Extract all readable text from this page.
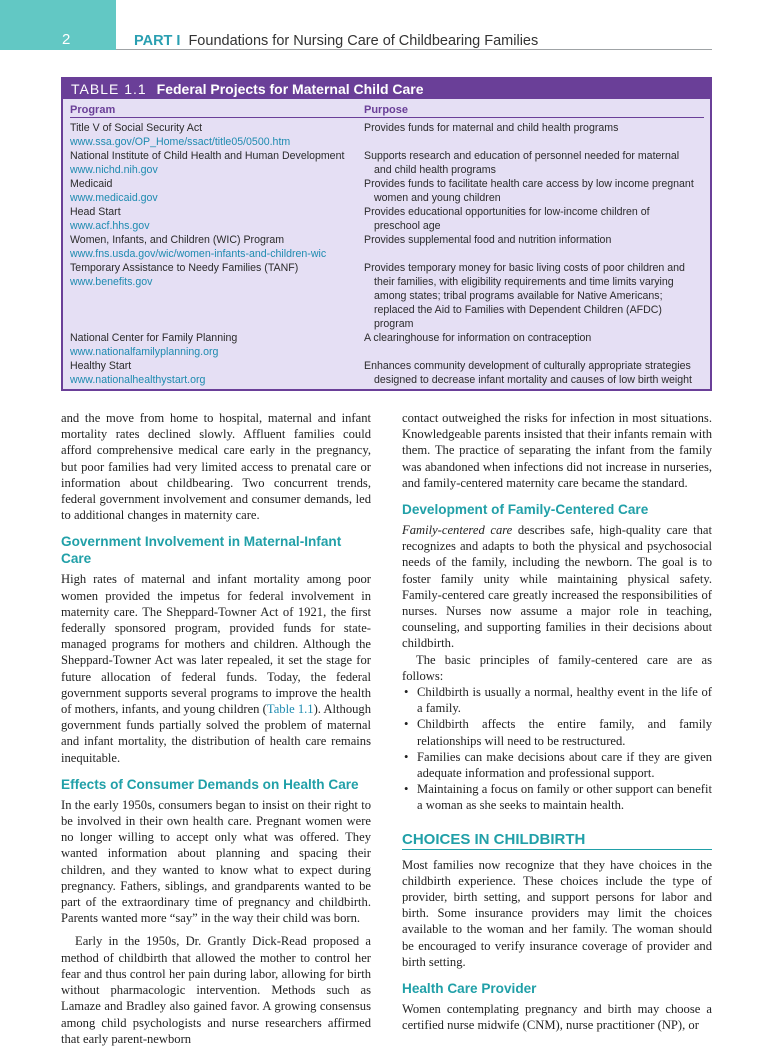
2	PART I Foundations for Nursing Care of Childbearing Families
TABLE 1.1 Federal Projects for Maternal Child Care
Program	Purpose
Title V of Social Security Act
www.ssa.gov/OP_Home/ssact/title05/0500.htm
Provides funds for maternal and child health programs
National Institute of Child Health and Human Development
www.nichd.nih.gov
Supports research and education of personnel needed for maternal
and child health programs
Medicaid
www.medicaid.gov
Provides funds to facilitate health care access by low income pregnant
women and young children
Head Start
www.acf.hhs.gov
Provides educational opportunities for low-income children of
preschool age
Women, Infants, and Children (WIC) Program
www.fns.usda.gov/wic/women-infants-and-children-wic
Provides supplemental food and nutrition information
Temporary Assistance to Needy Families (TANF)
www.benefits.gov
Provides temporary money for basic living costs of poor children and
their families, with eligibility requirements and time limits varying
among states; tribal programs available for Native Americans;
replaced the Aid to Families with Dependent Children (AFDC)
program
National Center for Family Planning
www.nationalfamilyplanning.org
A clearinghouse for information on contraception
Healthy Start
www.nationalhealthystart.org
Enhances community development of culturally appropriate strategies
designed to decrease infant mortality and causes of low birth weight

and the move from home to hospital, maternal and infant mortality rates declined slowly. Affluent families could afford comprehensive medical care early in the pregnancy, but poor families had very limited access to prenatal care or information about childbearing. Two concurrent trends, federal government involvement and consumer demands, led to additional changes in maternity care.

Government Involvement in Maternal-Infant Care

High rates of maternal and infant mortality among poor women provided the impetus for federal involvement in maternity care. The Sheppard-Towner Act of 1921, the first federally sponsored program, provided funds for state-managed programs for mothers and children. Although the Sheppard-Towner Act was later repealed, it set the stage for future allocation of federal funds. Today, the federal government supports several programs to improve the health of mothers, infants, and young children (Table 1.1). Although government funds partially solved the problem of maternal and infant mortality, the distribution of health care remains inequitable.

Effects of Consumer Demands on Health Care

In the early 1950s, consumers began to insist on their right to be involved in their own health care. Pregnant women were no longer willing to accept only what was offered. They wanted information about planning and spacing their children, and they wanted to know what to expect during pregnancy. Fathers, siblings, and grandparents wanted to be part of the extraordinary time of pregnancy and childbirth. Parents wanted more “say” in the way their child was born.

Early in the 1950s, Dr. Grantly Dick-Read proposed a method of childbirth that allowed the mother to control her fear and thus control her pain during labor, allowing for birth without pharmacologic intervention. Methods such as Lamaze and Bradley also gained favor. A growing consensus among child psychologists and nurse researchers affirmed that early parent-newborn

contact outweighed the risks for infection in most situations. Knowledgeable parents insisted that their infants remain with them. The practice of separating the infant from the family was abandoned when infections did not increase in nurseries, and family-centered maternity care became the standard.

Development of Family-Centered Care

Family-centered care describes safe, high-quality care that recognizes and adapts to both the physical and psychosocial needs of the family, including the newborn. The goal is to foster family unity while maintaining physical safety. Family-centered care greatly increased the responsibilities of nurses. Nurses now assume a major role in teaching, counseling, and supporting families in their decisions about childbirth.

The basic principles of family-centered care are as follows:

• Childbirth is usually a normal, healthy event in the life of a family.
• Childbirth affects the entire family, and family relationships will need to be restructured.
• Families can make decisions about care if they are given adequate information and professional support.
• Maintaining a focus on family or other support can benefit a woman as she seeks to maintain health.
CHOICES IN CHILDBIRTH

Most families now recognize that they have choices in the childbirth experience. These choices include the type of provider, birth setting, and support persons for labor and birth. Some insurance providers may limit the choices available to the woman and her family. The woman should be encouraged to verify insurance coverage of provider and birth setting.

Health Care Provider

Women contemplating pregnancy and birth may choose a certified nurse midwife (CNM), nurse practitioner (NP), or
